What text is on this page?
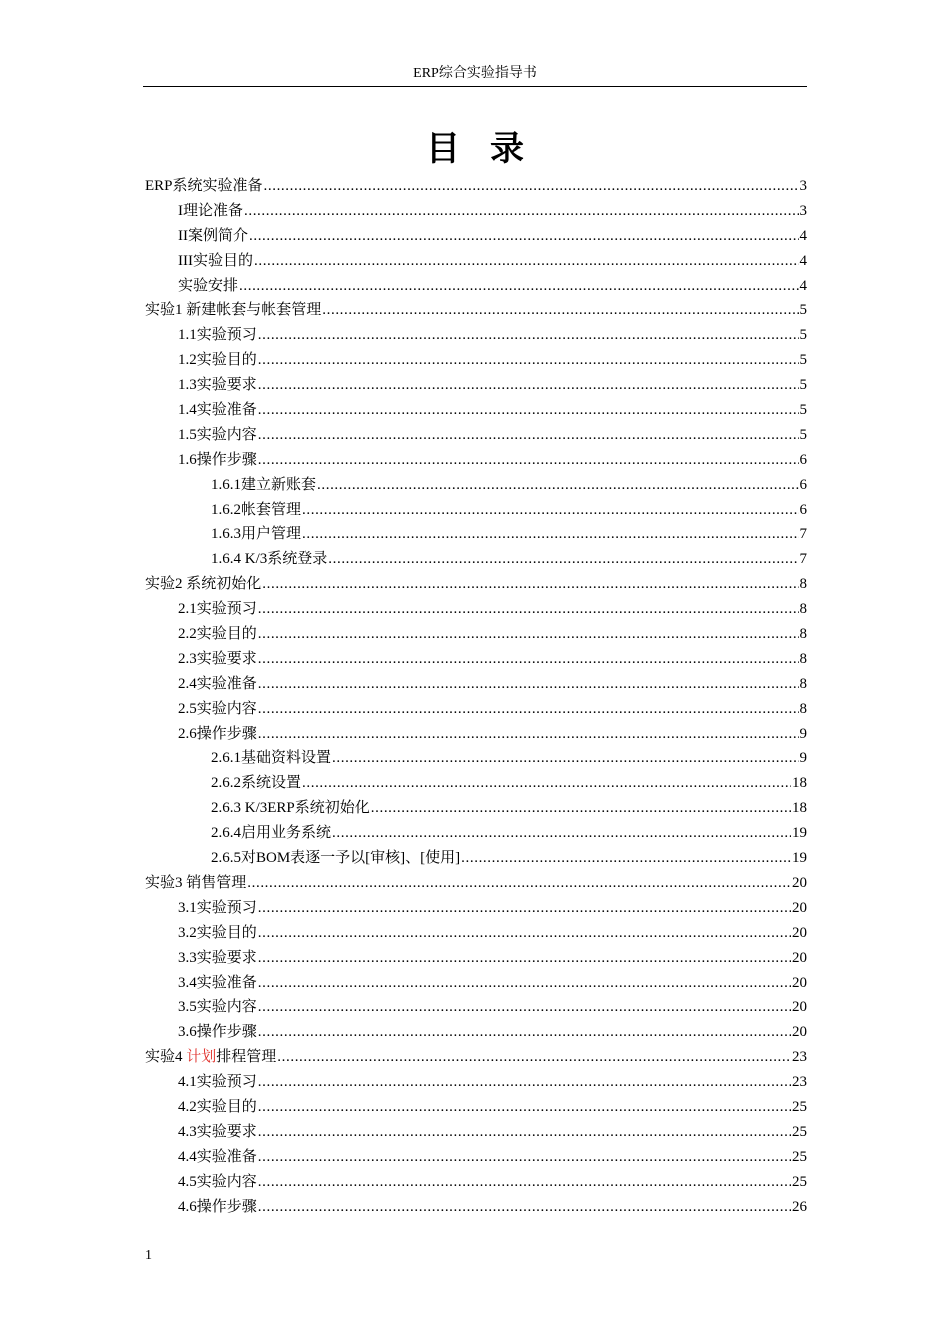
ERP综合实验指导书
目录
ERP系统实验准备 .....	3
I理论准备 .....	3
II案例简介 .....	4
III实验目的 .....	4
实验安排 .....	4
实验1 新建帐套与帐套管理 .....	5
1.1实验预习 .....	5
1.2实验目的 .....	5
1.3实验要求 .....	5
1.4实验准备 .....	5
1.5实验内容 .....	5
1.6操作步骤 .....	6
1.6.1建立新账套 .....	6
1.6.2帐套管理 .....	6
1.6.3用户管理 .....	7
1.6.4 K/3系统登录 .....	7
实验2 系统初始化 .....	8
2.1实验预习 .....	8
2.2实验目的 .....	8
2.3实验要求 .....	8
2.4实验准备 .....	8
2.5实验内容 .....	8
2.6操作步骤 .....	9
2.6.1基础资料设置 .....	9
2.6.2系统设置 .....	18
2.6.3 K/3ERP系统初始化 .....	18
2.6.4启用业务系统 .....	19
2.6.5对BOM表逐一予以[审核]、[使用] .....	19
实验3 销售管理 .....	20
3.1实验预习 .....	20
3.2实验目的 .....	20
3.3实验要求 .....	20
3.4实验准备 .....	20
3.5实验内容 .....	20
3.6操作步骤 .....	20
实验4 计划排程管理 .....	23
4.1实验预习 .....	23
4.2实验目的 .....	25
4.3实验要求 .....	25
4.4实验准备 .....	25
4.5实验内容 .....	25
4.6操作步骤 .....	26
1
